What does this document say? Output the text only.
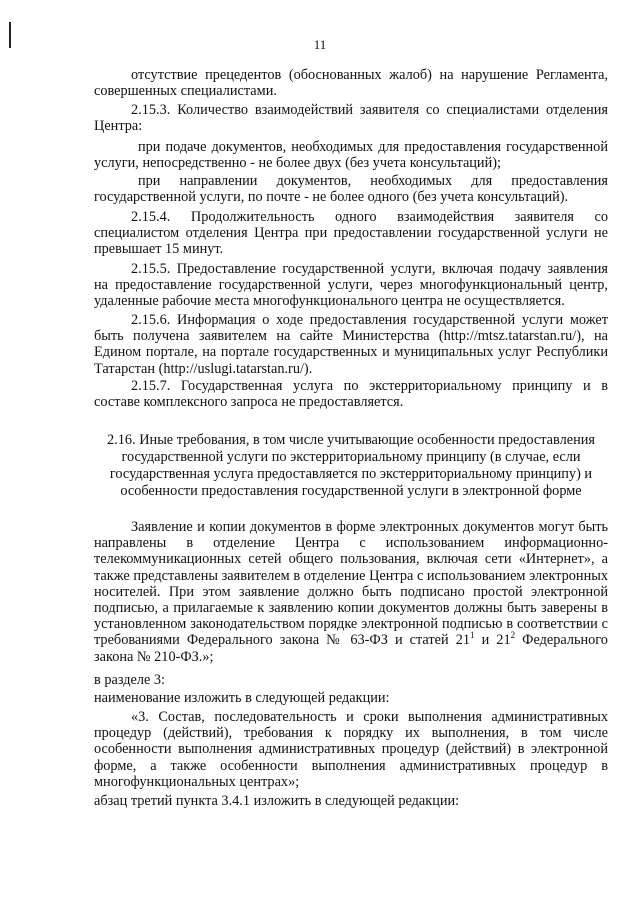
11

отсутствие прецедентов (обоснованных жалоб) на нарушение Регламента, совершенных специалистами.

2.15.3. Количество взаимодействий заявителя со специалистами отделения Центра:

при подаче документов, необходимых для предоставления государственной услуги, непосредственно - не более двух (без учета консультаций);

при направлении документов, необходимых для предоставления государственной услуги, по почте - не более одного (без учета консультаций).

2.15.4. Продолжительность одного взаимодействия заявителя со специалистом отделения Центра при предоставлении государственной услуги не превышает 15 минут.

2.15.5. Предоставление государственной услуги, включая подачу заявления на предоставление государственной услуги, через многофункциональный центр, удаленные рабочие места многофункционального центра не осуществляется.

2.15.6. Информация о ходе предоставления государственной услуги может быть получена заявителем на сайте Министерства (http://mtsz.tatarstan.ru/), на Едином портале, на портале государственных и муниципальных услуг Республики Татарстан (http://uslugi.tatarstan.ru/).

2.15.7. Государственная услуга по экстерриториальному принципу и в составе комплексного запроса не предоставляется.

2.16. Иные требования, в том числе учитывающие особенности предоставления государственной услуги по экстерриториальному принципу (в случае, если государственная услуга предоставляется по экстерриториальному принципу) и особенности предоставления государственной услуги в электронной форме

Заявление и копии документов в форме электронных документов могут быть направлены в отделение Центра с использованием информационно-телекоммуникационных сетей общего пользования, включая сети «Интернет», а также представлены заявителем в отделение Центра с использованием электронных носителей. При этом заявление должно быть подписано простой электронной подписью, а прилагаемые к заявлению копии документов должны быть заверены в установленном законодательством порядке электронной подписью в соответствии с требованиями Федерального закона № 63-ФЗ и статей $21^1$ и $21^2$ Федерального закона № 210-ФЗ.»;

в разделе 3:

наименование изложить в следующей редакции:

«3. Состав, последовательность и сроки выполнения административных процедур (действий), требования к порядку их выполнения, в том числе особенности выполнения административных процедур (действий) в электронной форме, а также особенности выполнения административных процедур в многофункциональных центрах»;

абзац третий пункта 3.4.1 изложить в следующей редакции:
